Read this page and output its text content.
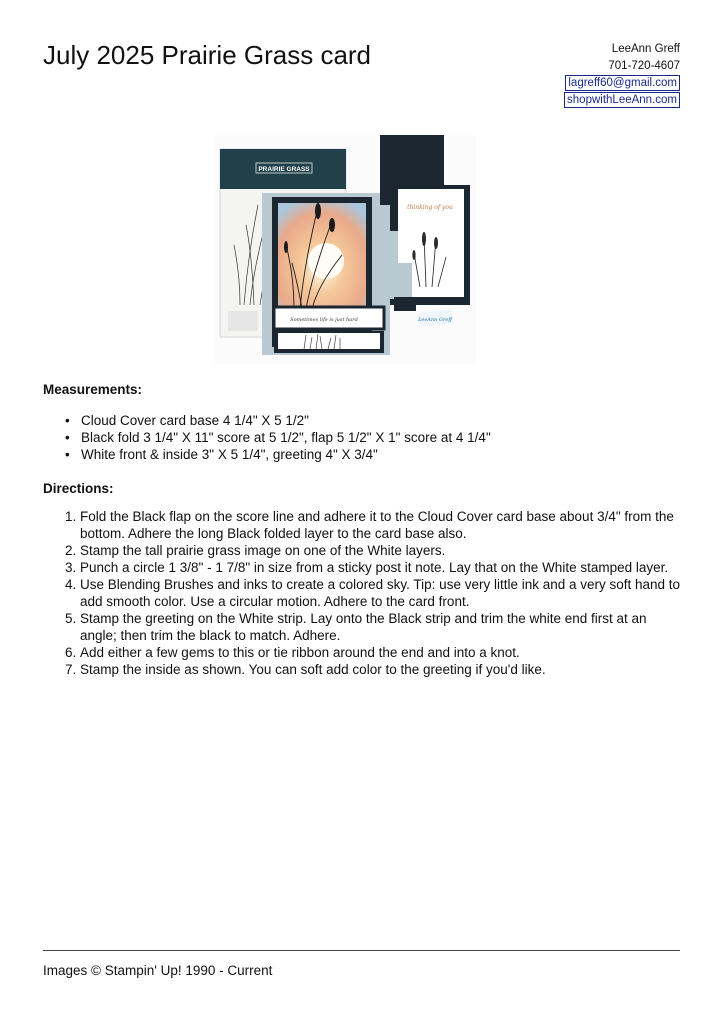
July 2025 Prairie Grass card	LeeAnn Greff
701-720-4607
lagreff60@gmail.com
shopwithLeeAnn.com
PRAIRIE GRASS
Sometimes life is just hard
thinking of you
LeeAnn Greff
Measurements:
• Cloud Cover card base 4 1/4" X 5 1/2"
• Black fold 3 1/4" X 11" score at 5 1/2", flap 5 1/2" X 1" score at 4 1/4"
• White front & inside 3" X 5 1/4", greeting 4" X 3/4"
Directions:
1. Fold the Black flap on the score line and adhere it to the Cloud Cover card base about 3/4" from the bottom. Adhere the long Black folded layer to the card base also.
2. Stamp the tall prairie grass image on one of the White layers.
3. Punch a circle 1 3/8" - 1 7/8" in size from a sticky post it note. Lay that on the White stamped layer.
4. Use Blending Brushes and inks to create a colored sky. Tip: use very little ink and a very soft hand to add smooth color. Use a circular motion. Adhere to the card front.
5. Stamp the greeting on the White strip. Lay onto the Black strip and trim the white end first at an angle; then trim the black to match. Adhere.
6. Add either a few gems to this or tie ribbon around the end and into a knot.
7. Stamp the inside as shown. You can soft add color to the greeting if you'd like.
Images © Stampin' Up! 1990 - Current
